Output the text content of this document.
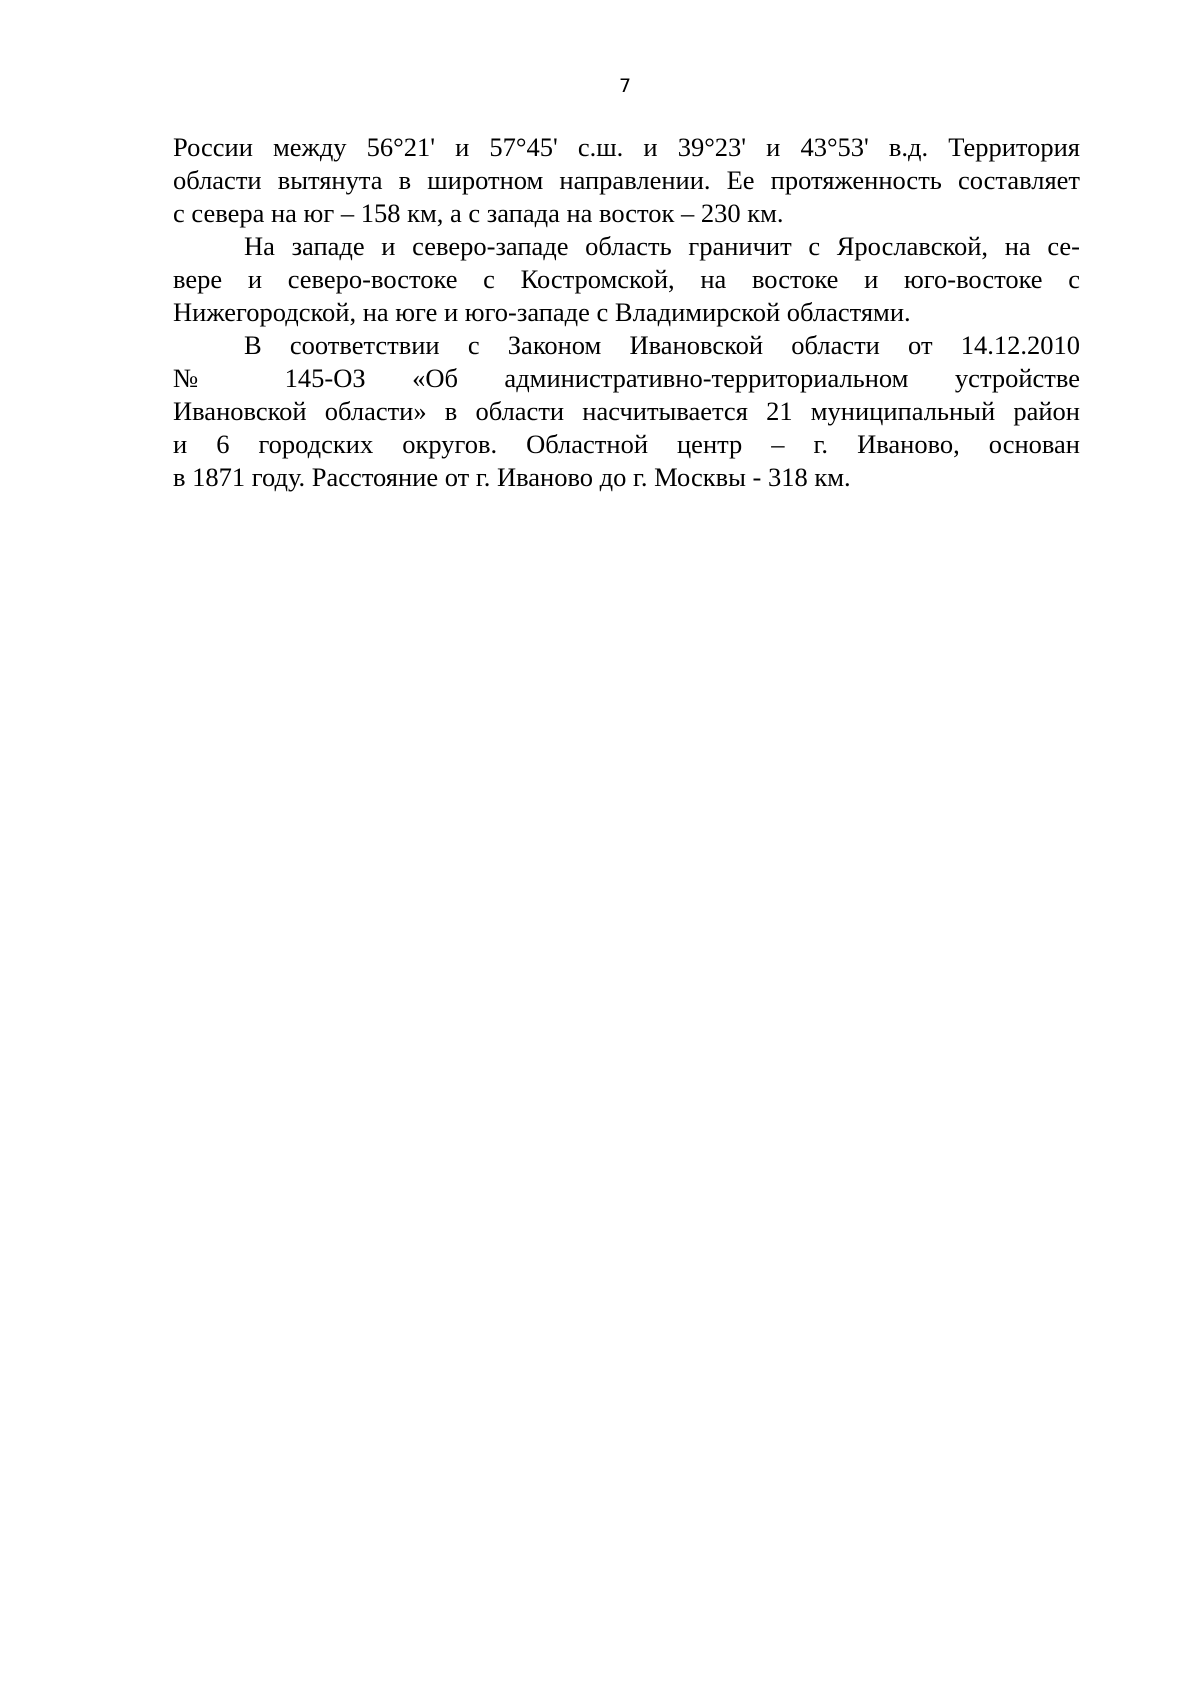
7

России между 56°21' и 57°45' с.ш. и 39°23' и 43°53' в.д. Территория
области вытянута в широтном направлении. Ее протяженность составляет
с севера на юг – 158 км, а с запада на восток – 230 км.

На западе и северо-западе область граничит с Ярославской, на се-
вере и северо-востоке с Костромской, на востоке и юго-востоке с
Нижегородской, на юге и юго-западе с Владимирской областями.

В соответствии с Законом Ивановской области от 14.12.2010
№ 145-ОЗ «Об административно-территориальном устройстве
Ивановской области» в области насчитывается 21 муниципальный район
и 6 городских округов. Областной центр – г. Иваново, основан
в 1871 году. Расстояние от г. Иваново до г. Москвы - 318 км.
